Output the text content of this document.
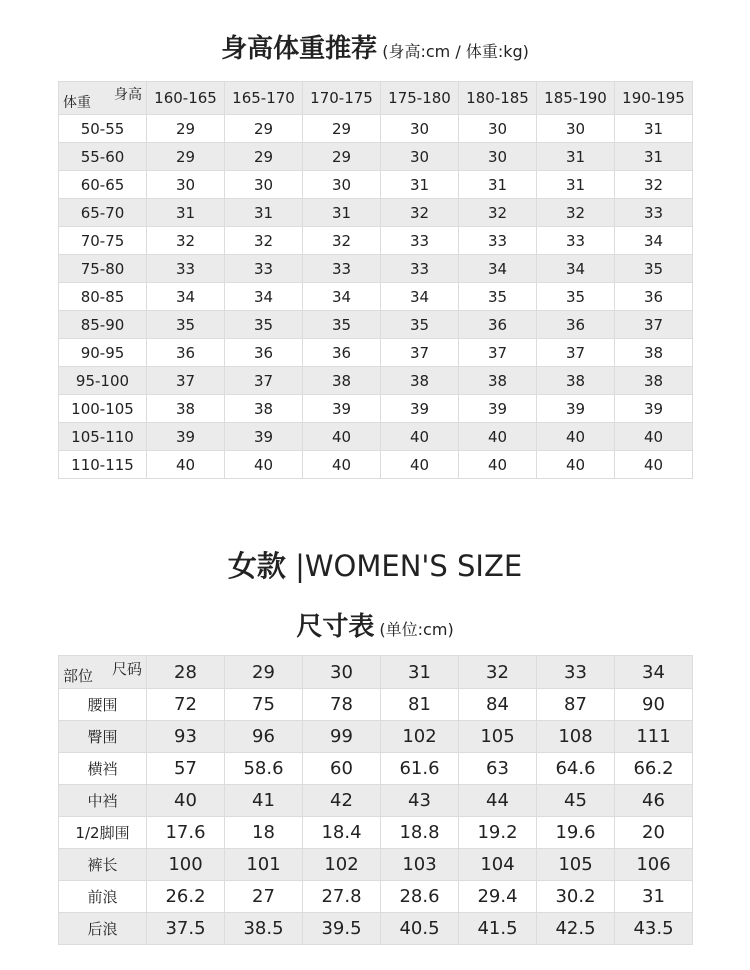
身高体重推荐 (身高:cm / 体重:kg)
身高
体重	160-165	165-170	170-175	175-180	180-185	185-190	190-195
50-55	29	29	29	30	30	30	31
55-60	29	29	29	30	30	31	31
60-65	30	30	30	31	31	31	32
65-70	31	31	31	32	32	32	33
70-75	32	32	32	33	33	33	34
75-80	33	33	33	33	34	34	35
80-85	34	34	34	34	35	35	36
85-90	35	35	35	35	36	36	37
90-95	36	36	36	37	37	37	38
95-100	37	37	38	38	38	38	38
100-105	38	38	39	39	39	39	39
105-110	39	39	40	40	40	40	40
110-115	40	40	40	40	40	40	40
女款 |WOMEN'S SIZE
尺寸表 (单位:cm)
尺码
部位	28	29	30	31	32	33	34
腰围	72	75	78	81	84	87	90
臀围	93	96	99	102	105	108	111
横裆	57	58.6	60	61.6	63	64.6	66.2
中裆	40	41	42	43	44	45	46
1/2脚围	17.6	18	18.4	18.8	19.2	19.6	20
裤长	100	101	102	103	104	105	106
前浪	26.2	27	27.8	28.6	29.4	30.2	31
后浪	37.5	38.5	39.5	40.5	41.5	42.5	43.5
